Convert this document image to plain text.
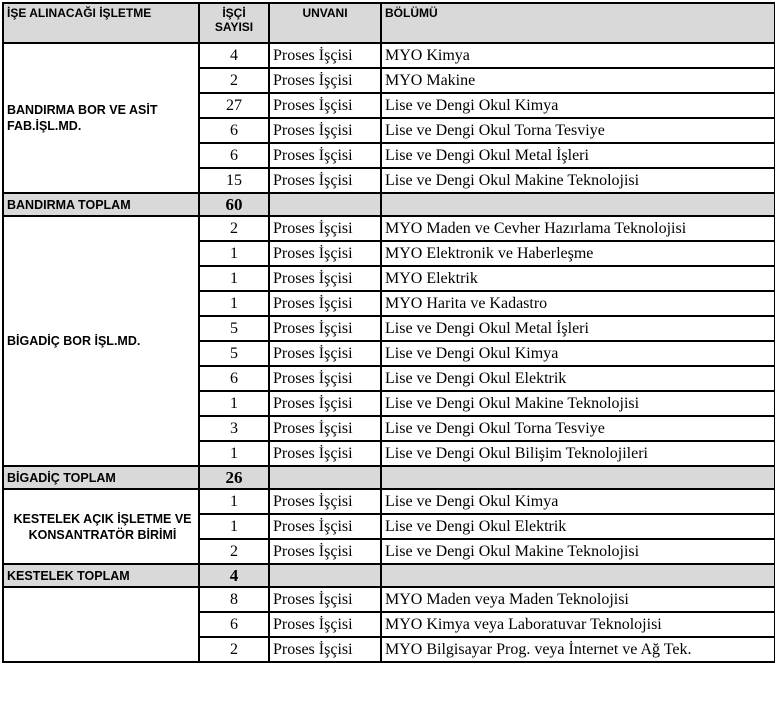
İŞE ALINACAĞI İŞLETME	İŞÇİ SAYISI	UNVANI	BÖLÜMÜ
BANDIRMA BOR VE ASİT FAB.İŞL.MD.	4	Proses İşçisi	MYO Kimya
	2	Proses İşçisi	MYO Makine
	27	Proses İşçisi	Lise ve Dengi Okul Kimya
	6	Proses İşçisi	Lise ve Dengi Okul Torna Tesviye
	6	Proses İşçisi	Lise ve Dengi Okul Metal İşleri
	15	Proses İşçisi	Lise ve Dengi Okul Makine Teknolojisi
BANDIRMA TOPLAM	60		
BİGADİÇ BOR İŞL.MD.	2	Proses İşçisi	MYO Maden ve Cevher Hazırlama Teknolojisi
	1	Proses İşçisi	MYO Elektronik ve Haberleşme
	1	Proses İşçisi	MYO Elektrik
	1	Proses İşçisi	MYO Harita ve Kadastro
	5	Proses İşçisi	Lise ve Dengi Okul Metal İşleri
	5	Proses İşçisi	Lise ve Dengi Okul Kimya
	6	Proses İşçisi	Lise ve Dengi Okul Elektrik
	1	Proses İşçisi	Lise ve Dengi Okul Makine Teknolojisi
	3	Proses İşçisi	Lise ve Dengi Okul Torna Tesviye
	1	Proses İşçisi	Lise ve Dengi Okul Bilişim Teknolojileri
BİGADİÇ TOPLAM	26		
KESTELEK AÇIK İŞLETME VE KONSANTRATÖR BİRİMİ	1	Proses İşçisi	Lise ve Dengi Okul Kimya
	1	Proses İşçisi	Lise ve Dengi Okul Elektrik
	2	Proses İşçisi	Lise ve Dengi Okul Makine Teknolojisi
KESTELEK TOPLAM	4		
	8	Proses İşçisi	MYO Maden veya Maden Teknolojisi
	6	Proses İşçisi	MYO Kimya veya Laboratuvar Teknolojisi
	2	Proses İşçisi	MYO Bilgisayar Prog. veya İnternet ve Ağ Tek.
